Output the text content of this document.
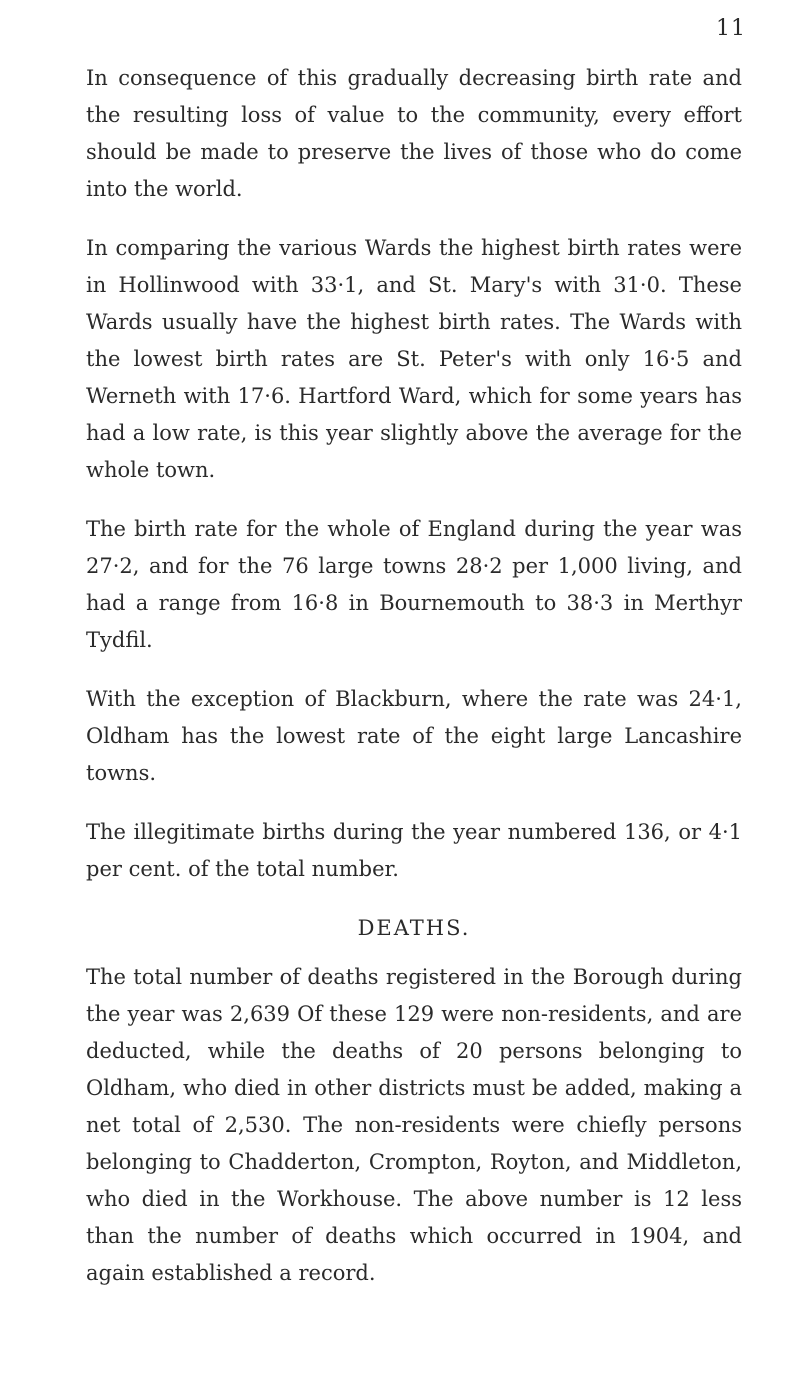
11

In consequence of this gradually decreasing birth rate and the resulting loss of value to the community, every effort should be made to preserve the lives of those who do come into the world.

In comparing the various Wards the highest birth rates were in Hollinwood with 33·1, and St. Mary's with 31·0. These Wards usually have the highest birth rates. The Wards with the lowest birth rates are St. Peter's with only 16·5 and Werneth with 17·6. Hartford Ward, which for some years has had a low rate, is this year slightly above the average for the whole town.

The birth rate for the whole of England during the year was 27·2, and for the 76 large towns 28·2 per 1,000 living, and had a range from 16·8 in Bournemouth to 38·3 in Merthyr Tydfil.

With the exception of Blackburn, where the rate was 24·1, Oldham has the lowest rate of the eight large Lancashire towns.

The illegitimate births during the year numbered 136, or 4·1 per cent. of the total number.

DEATHS.

The total number of deaths registered in the Borough during the year was 2,639 Of these 129 were non-residents, and are deducted, while the deaths of 20 persons belonging to Oldham, who died in other districts must be added, making a net total of 2,530. The non-residents were chiefly persons belonging to Chadderton, Crompton, Royton, and Middleton, who died in the Workhouse. The above number is 12 less than the number of deaths which occurred in 1904, and again established a record.
